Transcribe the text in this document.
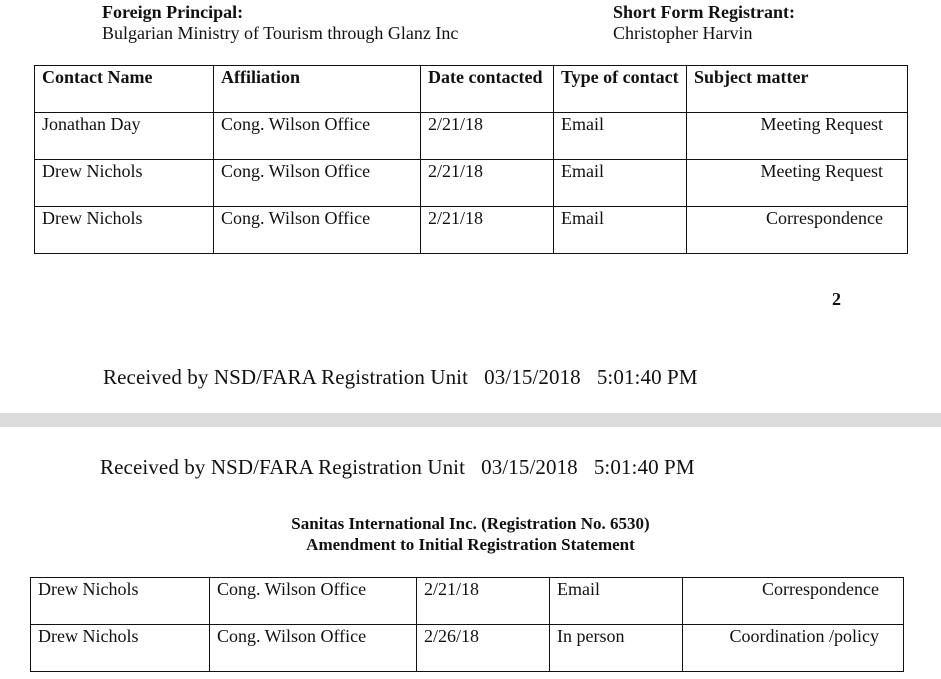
Foreign Principal:
Bulgarian Ministry of Tourism through Glanz Inc
Short Form Registrant:
Christopher Harvin
Contact Name	Affiliation	Date contacted	Type of contact	Subject matter
Jonathan Day	Cong. Wilson Office	2/21/18	Email	Meeting Request
Drew Nichols	Cong. Wilson Office	2/21/18	Email	Meeting Request
Drew Nichols	Cong. Wilson Office	2/21/18	Email	Correspondence
2
Received by NSD/FARA Registration Unit   03/15/2018   5:01:40 PM
Received by NSD/FARA Registration Unit   03/15/2018   5:01:40 PM
Sanitas International Inc. (Registration No. 6530)
Amendment to Initial Registration Statement
Drew Nichols	Cong. Wilson Office	2/21/18	Email	Correspondence
Drew Nichols	Cong. Wilson Office	2/26/18	In person	Coordination /policy
